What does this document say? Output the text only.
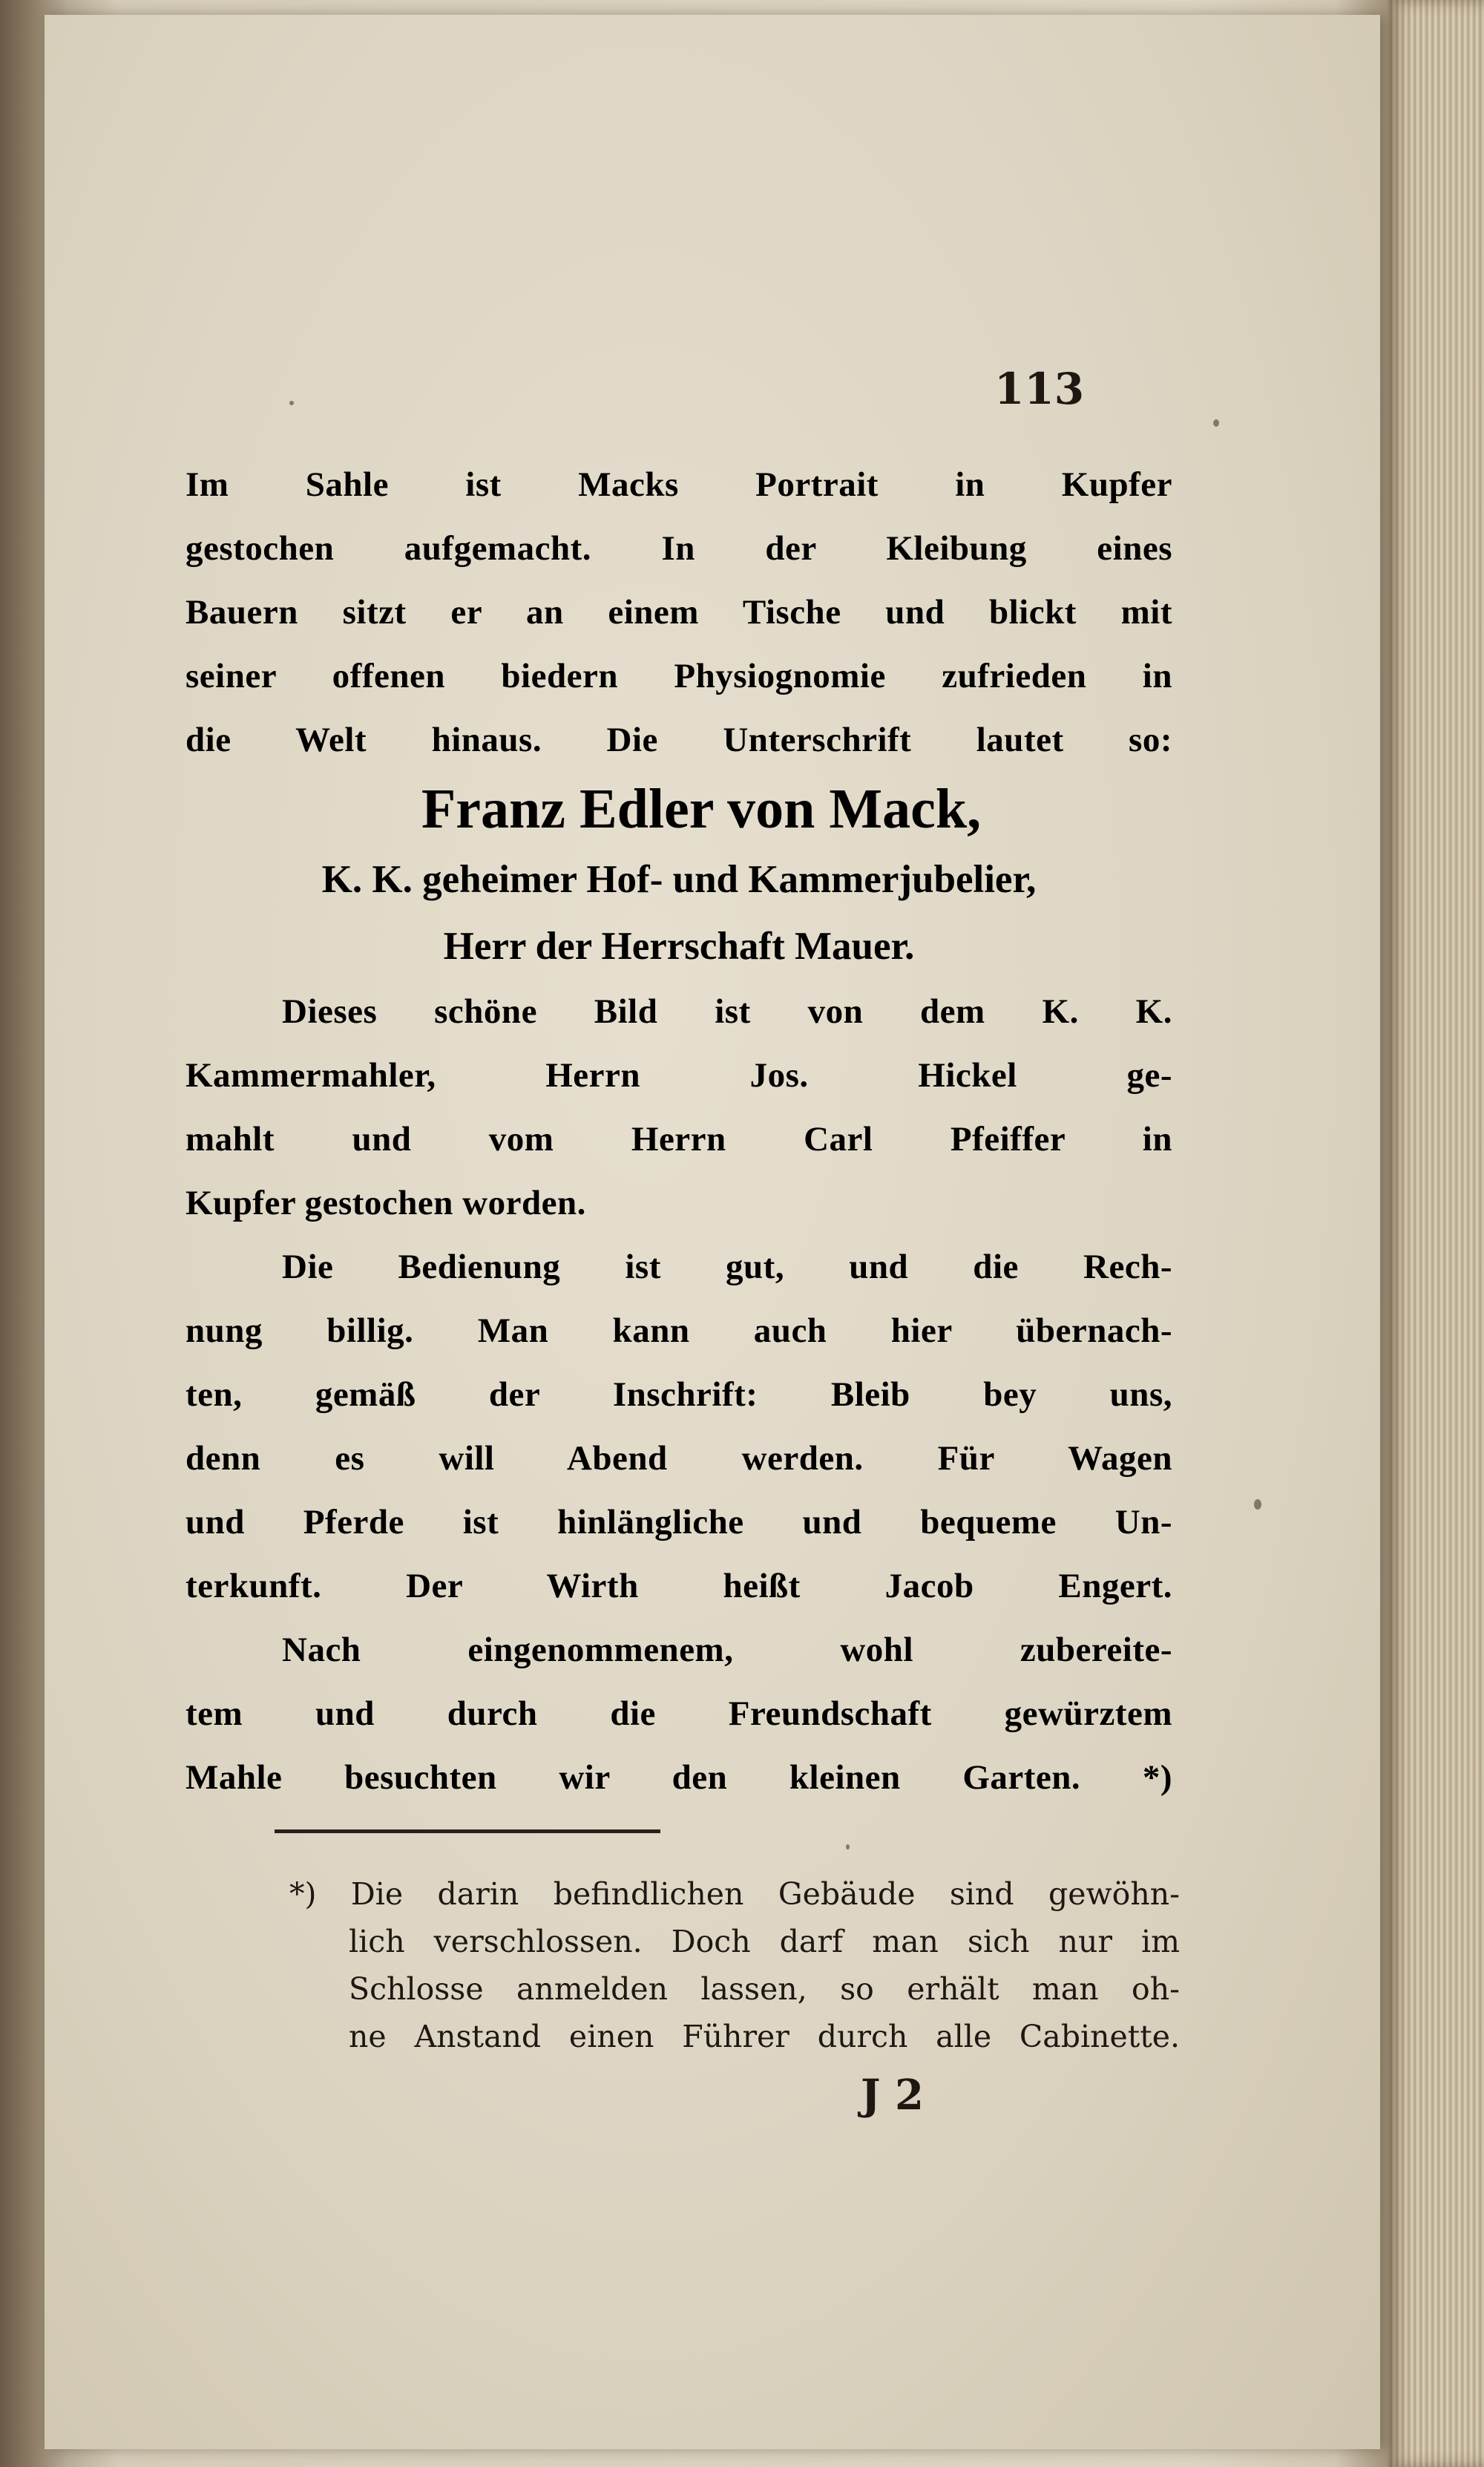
113
Im Sahle ist Macks Portrait in Kupfer
gestochen aufgemacht. In der Kleibung eines
Bauern sitzt er an einem Tische und blickt mit
seiner offenen biedern Physiognomie zufrieden in
die Welt hinaus. Die Unterschrift lautet so:
Franz Edler von Mack,
K. K. geheimer Hof- und Kammerjubelier,
Herr der Herrschaft Mauer.
Dieses schöne Bild ist von dem K. K.
Kammermahler, Herrn Jos. Hickel ge-
mahlt und vom Herrn Carl Pfeiffer in
Kupfer gestochen worden.
Die Bedienung ist gut, und die Rech-
nung billig. Man kann auch hier übernach-
ten, gemäß der Inschrift: Bleib bey uns,
denn es will Abend werden. Für Wagen
und Pferde ist hinlängliche und bequeme Un-
terkunft. Der Wirth heißt Jacob Engert.
Nach eingenommenem, wohl zubereite-
tem und durch die Freundschaft gewürztem
Mahle besuchten wir den kleinen Garten. *)
*) Die darin befindlichen Gebäude sind gewöhn-
lich verschlossen. Doch darf man sich nur im
Schlosse anmelden lassen, so erhält man oh-
ne Anstand einen Führer durch alle Cabinette.
J 2
